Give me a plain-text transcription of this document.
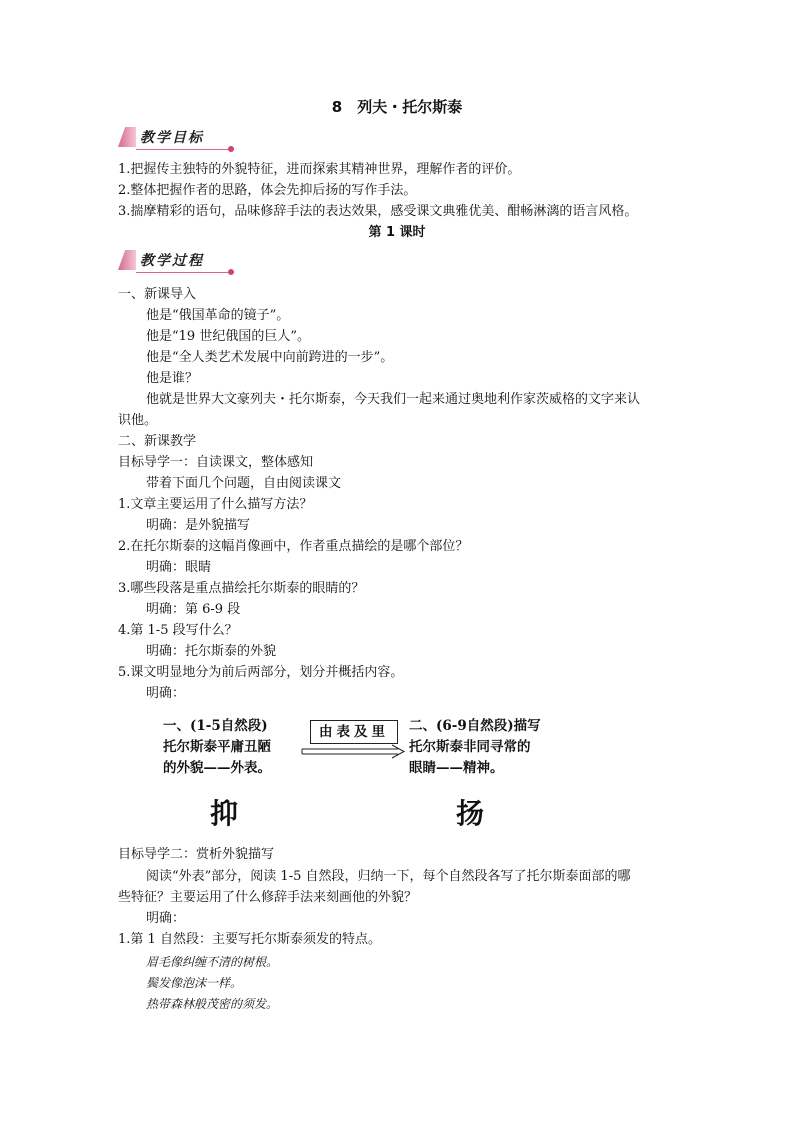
8　列夫・托尔斯泰
教学目标
1.把握传主独特的外貌特征，进而探索其精神世界，理解作者的评价。
2.整体把握作者的思路，体会先抑后扬的写作手法。
3.揣摩精彩的语句，品味修辞手法的表达效果，感受课文典雅优美、酣畅淋漓的语言风格。
第 1 课时
教学过程
一、新课导入
他是“俄国革命的镜子”。
他是“19 世纪俄国的巨人”。
他是“全人类艺术发展中向前跨进的一步”。
他是谁？
他就是世界大文豪列夫・托尔斯泰，今天我们一起来通过奥地利作家茨威格的文字来认
识他。
二、新课教学
目标导学一：自读课文，整体感知
带着下面几个问题，自由阅读课文
1.文章主要运用了什么描写方法？
明确：是外貌描写
2.在托尔斯泰的这幅肖像画中，作者重点描绘的是哪个部位？
明确：眼睛
3.哪些段落是重点描绘托尔斯泰的眼睛的？
明确：第 6-9 段
4.第 1-5 段写什么？
明确：托尔斯泰的外貌
5.课文明显地分为前后两部分，划分并概括内容。
明确：
一、(1-5自然段)
托尔斯泰平庸丑陋
的外貌——外表。
由表及里	二、(6-9自然段)描写
托尔斯泰非同寻常的
眼睛——精神。
抑	扬
目标导学二：赏析外貌描写
阅读“外表”部分，阅读 1-5 自然段，归纳一下，每个自然段各写了托尔斯泰面部的哪
些特征？主要运用了什么修辞手法来刻画他的外貌？
明确：
1.第 1 自然段：主要写托尔斯泰须发的特点。
眉毛像纠缠不清的树根。
鬓发像泡沫一样。
热带森林般茂密的须发。
